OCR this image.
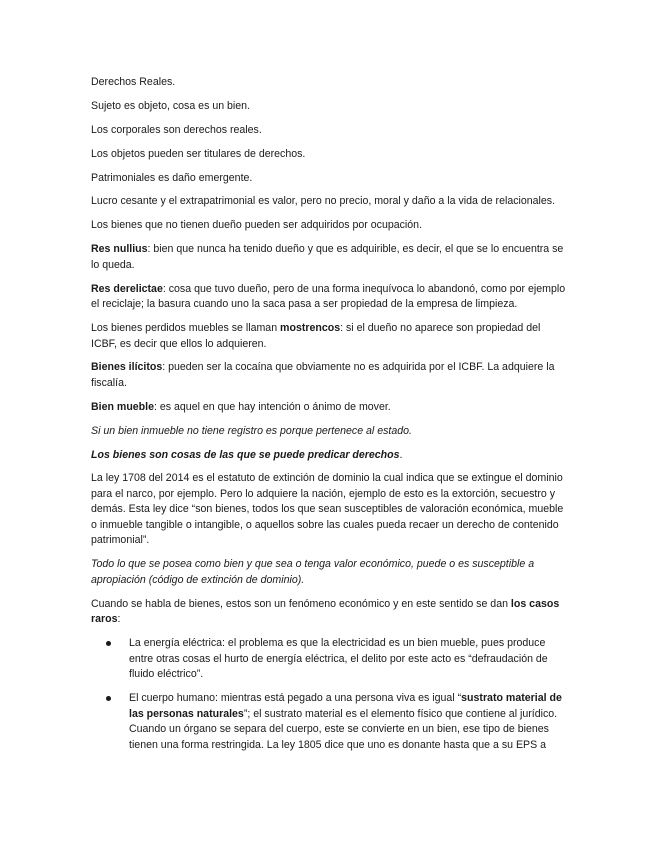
Derechos Reales.

Sujeto es objeto, cosa es un bien.

Los corporales son derechos reales.

Los objetos pueden ser titulares de derechos.

Patrimoniales es daño emergente.

Lucro cesante y el extrapatrimonial es valor, pero no precio, moral y daño a la vida de relacionales.

Los bienes que no tienen dueño pueden ser adquiridos por ocupación.

Res nullius: bien que nunca ha tenido dueño y que es adquirible, es decir, el que se lo encuentra se lo queda.

Res derelictae: cosa que tuvo dueño, pero de una forma inequívoca lo abandonó, como por ejemplo el reciclaje; la basura cuando uno la saca pasa a ser propiedad de la empresa de limpieza.

Los bienes perdidos muebles se llaman mostrencos: si el dueño no aparece son propiedad del ICBF, es decir que ellos lo adquieren.

Bienes ilícitos: pueden ser la cocaína que obviamente no es adquirida por el ICBF. La adquiere la fiscalía.

Bien mueble: es aquel en que hay intención o ánimo de mover.

Si un bien inmueble no tiene registro es porque pertenece al estado.

Los bienes son cosas de las que se puede predicar derechos.

La ley 1708 del 2014 es el estatuto de extinción de dominio la cual indica que se extingue el dominio para el narco, por ejemplo. Pero lo adquiere la nación, ejemplo de esto es la extorción, secuestro y demás. Esta ley dice “son bienes, todos los que sean susceptibles de valoración económica, mueble o inmueble tangible o intangible, o aquellos sobre las cuales pueda recaer un derecho de contenido patrimonial”.

Todo lo que se posea como bien y que sea o tenga valor económico, puede o es susceptible a apropiación (código de extinción de dominio).

Cuando se habla de bienes, estos son un fenómeno económico y en este sentido se dan los casos raros:

La energía eléctrica: el problema es que la electricidad es un bien mueble, pues produce entre otras cosas el hurto de energía eléctrica, el delito por este acto es “defraudación de fluido eléctrico”.
El cuerpo humano: mientras está pegado a una persona viva es igual “sustrato material de las personas naturales”; el sustrato material es el elemento físico que contiene al jurídico. Cuando un órgano se separa del cuerpo, este se convierte en un bien, ese tipo de bienes tienen una forma restringida. La ley 1805 dice que uno es donante hasta que a su EPS a
